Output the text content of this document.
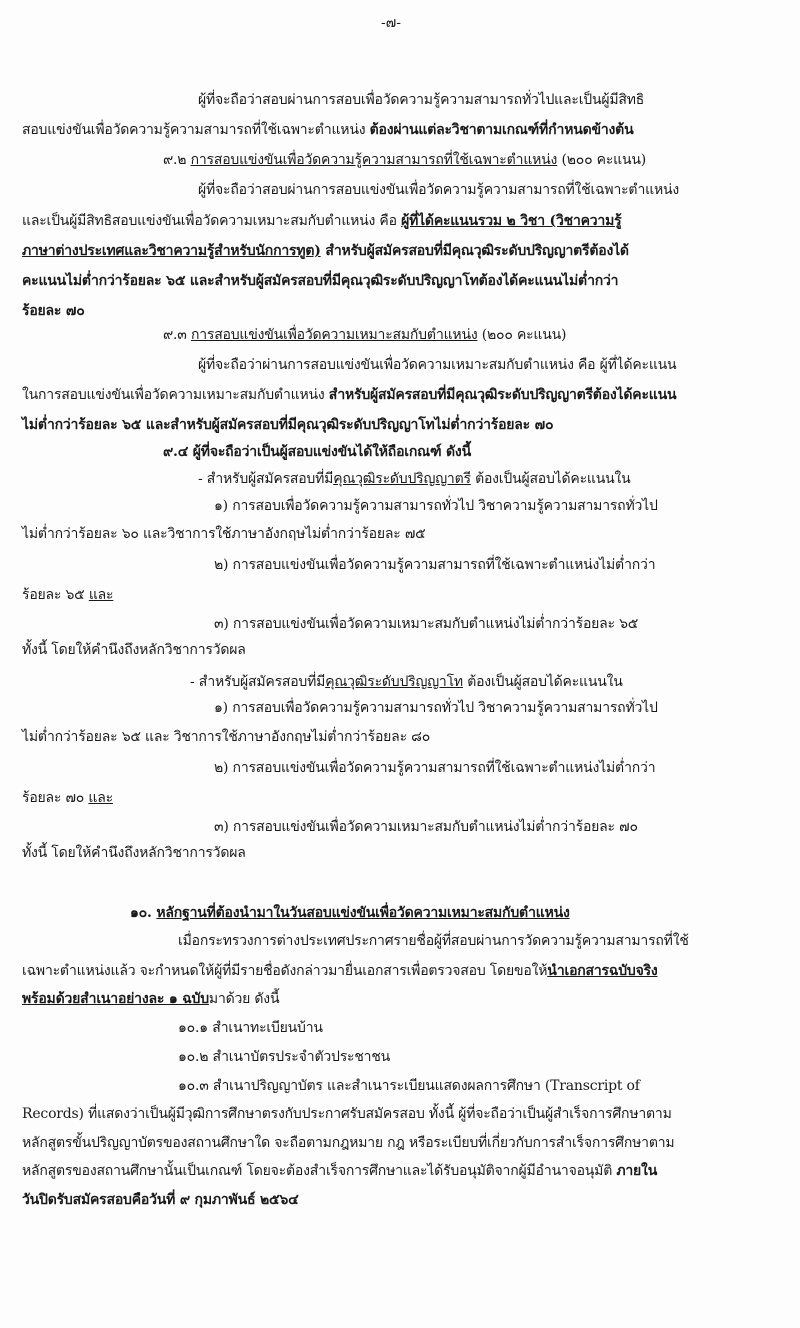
-๗-
ผู้ที่จะถือว่าสอบผ่านการสอบเพื่อวัดความรู้ความสามารถทั่วไปและเป็นผู้มีสิทธิ
สอบแข่งขันเพื่อวัดความรู้ความสามารถที่ใช้เฉพาะตำแหน่ง ต้องผ่านแต่ละวิชาตามเกณฑ์ที่กำหนดข้างต้น
๙.๒ การสอบแข่งขันเพื่อวัดความรู้ความสามารถที่ใช้เฉพาะตำแหน่ง (๒๐๐ คะแนน)
ผู้ที่จะถือว่าสอบผ่านการสอบแข่งขันเพื่อวัดความรู้ความสามารถที่ใช้เฉพาะตำแหน่ง
และเป็นผู้มีสิทธิสอบแข่งขันเพื่อวัดความเหมาะสมกับตำแหน่ง คือ ผู้ที่ได้คะแนนรวม ๒ วิชา (วิชาความรู้
ภาษาต่างประเทศและวิชาความรู้สำหรับนักการทูต) สำหรับผู้สมัครสอบที่มีคุณวุฒิระดับปริญญาตรีต้องได้
คะแนนไม่ต่ำกว่าร้อยละ ๖๕ และสำหรับผู้สมัครสอบที่มีคุณวุฒิระดับปริญญาโทต้องได้คะแนนไม่ต่ำกว่า
ร้อยละ ๗๐
๙.๓ การสอบแข่งขันเพื่อวัดความเหมาะสมกับตำแหน่ง (๒๐๐ คะแนน)
ผู้ที่จะถือว่าผ่านการสอบแข่งขันเพื่อวัดความเหมาะสมกับตำแหน่ง คือ ผู้ที่ได้คะแนน
ในการสอบแข่งขันเพื่อวัดความเหมาะสมกับตำแหน่ง สำหรับผู้สมัครสอบที่มีคุณวุฒิระดับปริญญาตรีต้องได้คะแนน
ไม่ต่ำกว่าร้อยละ ๖๕ และสำหรับผู้สมัครสอบที่มีคุณวุฒิระดับปริญญาโทไม่ต่ำกว่าร้อยละ ๗๐
๙.๔ ผู้ที่จะถือว่าเป็นผู้สอบแข่งขันได้ให้ถือเกณฑ์ ดังนี้
- สำหรับผู้สมัครสอบที่มีคุณวุฒิระดับปริญญาตรี ต้องเป็นผู้สอบได้คะแนนใน
๑) การสอบเพื่อวัดความรู้ความสามารถทั่วไป วิชาความรู้ความสามารถทั่วไป
ไม่ต่ำกว่าร้อยละ ๖๐ และวิชาการใช้ภาษาอังกฤษไม่ต่ำกว่าร้อยละ ๗๕
๒) การสอบแข่งขันเพื่อวัดความรู้ความสามารถที่ใช้เฉพาะตำแหน่งไม่ต่ำกว่า
ร้อยละ ๖๕ และ
๓) การสอบแข่งขันเพื่อวัดความเหมาะสมกับตำแหน่งไม่ต่ำกว่าร้อยละ ๖๕
ทั้งนี้ โดยให้คำนึงถึงหลักวิชาการวัดผล
- สำหรับผู้สมัครสอบที่มีคุณวุฒิระดับปริญญาโท ต้องเป็นผู้สอบได้คะแนนใน
๑) การสอบเพื่อวัดความรู้ความสามารถทั่วไป วิชาความรู้ความสามารถทั่วไป
ไม่ต่ำกว่าร้อยละ ๖๕ และ วิชาการใช้ภาษาอังกฤษไม่ต่ำกว่าร้อยละ ๘๐
๒) การสอบแข่งขันเพื่อวัดความรู้ความสามารถที่ใช้เฉพาะตำแหน่งไม่ต่ำกว่า
ร้อยละ ๗๐ และ
๓) การสอบแข่งขันเพื่อวัดความเหมาะสมกับตำแหน่งไม่ต่ำกว่าร้อยละ ๗๐
ทั้งนี้ โดยให้คำนึงถึงหลักวิชาการวัดผล
๑๐. หลักฐานที่ต้องนำมาในวันสอบแข่งขันเพื่อวัดความเหมาะสมกับตำแหน่ง
เมื่อกระทรวงการต่างประเทศประกาศรายชื่อผู้ที่สอบผ่านการวัดความรู้ความสามารถที่ใช้
เฉพาะตำแหน่งแล้ว จะกำหนดให้ผู้ที่มีรายชื่อดังกล่าวมายื่นเอกสารเพื่อตรวจสอบ โดยขอให้นำเอกสารฉบับจริง
พร้อมด้วยสำเนาอย่างละ ๑ ฉบับมาด้วย ดังนี้
๑๐.๑ สำเนาทะเบียนบ้าน
๑๐.๒ สำเนาบัตรประจำตัวประชาชน
๑๐.๓ สำเนาปริญญาบัตร และสำเนาระเบียนแสดงผลการศึกษา (Transcript of
Records) ที่แสดงว่าเป็นผู้มีวุฒิการศึกษาตรงกับประกาศรับสมัครสอบ ทั้งนี้ ผู้ที่จะถือว่าเป็นผู้สำเร็จการศึกษาตาม
หลักสูตรขั้นปริญญาบัตรของสถานศึกษาใด จะถือตามกฎหมาย กฎ หรือระเบียบที่เกี่ยวกับการสำเร็จการศึกษาตาม
หลักสูตรของสถานศึกษานั้นเป็นเกณฑ์ โดยจะต้องสำเร็จการศึกษาและได้รับอนุมัติจากผู้มีอำนาจอนุมัติ ภายใน
วันปิดรับสมัครสอบคือวันที่ ๙ กุมภาพันธ์ ๒๕๖๔
